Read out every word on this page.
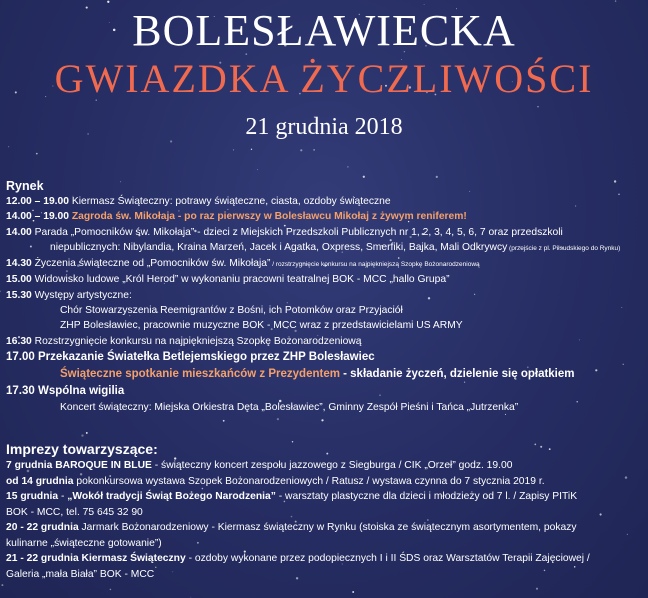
BOLESŁAWIECKA
GWIAZDKA ŻYCZLIWOŚCI
21 grudnia 2018
Rynek
12.00 – 19.00 Kiermasz Świąteczny: potrawy świąteczne, ciasta, ozdoby świąteczne
14.00 – 19.00 Zagroda św. Mikołaja - po raz pierwszy w Bolesławcu Mikołaj z żywym reniferem!
14.00 Parada „Pomocników św. Mikołaja” - dzieci z Miejskich Przedszkoli Publicznych nr 1, 2, 3, 4, 5, 6, 7 oraz przedszkoli
niepublicznych: Nibylandia, Kraina Marzeń, Jacek i Agatka, Oxpress, Smerfiki, Bajka, Mali Odkrywcy (przejście z pl. Piłsudskiego do Rynku)
14.30 Życzenia świąteczne od „Pomocników św. Mikołaja” / rozstrzygnięcie konkursu na najpiękniejszą Szopkę Bożonarodzeniową
15.00 Widowisko ludowe „Król Herod” w wykonaniu pracowni teatralnej BOK - MCC „hallo Grupa”
15.30 Występy artystyczne:
Chór Stowarzyszenia Reemigrantów z Bośni, ich Potomków oraz Przyjaciół
ZHP Bolesławiec, pracownie muzyczne BOK - MCC wraz z przedstawicielami US ARMY
16.30 Rozstrzygnięcie konkursu na najpiękniejszą Szopkę Bożonarodzeniową
17.00 Przekazanie Światełka Betlejemskiego przez ZHP Bolesławiec
Świąteczne spotkanie mieszkańców z Prezydentem - składanie życzeń, dzielenie się opłatkiem
17.30 Wspólna wigilia
Koncert świąteczny: Miejska Orkiestra Dęta „Bolesławiec”, Gminny Zespół Pieśni i Tańca „Jutrzenka”
Imprezy towarzyszące:
7 grudnia BAROQUE IN BLUE - świąteczny koncert zespołu jazzowego z Siegburga / CIK „Orzeł” godz. 19.00
od 14 grudnia pokonkursowa wystawa Szopek Bożonarodzeniowych / Ratusz / wystawa czynna do 7 stycznia 2019 r.
15 grudnia - „Wokół tradycji Świąt Bożego Narodzenia” - warsztaty plastyczne dla dzieci i młodzieży od 7 l. / Zapisy PITiK
BOK - MCC, tel. 75 645 32 90
20 - 22 grudnia Jarmark Bożonarodzeniowy - Kiermasz świąteczny w Rynku (stoiska ze świątecznym asortymentem, pokazy
kulinarne „świąteczne gotowanie”)
21 - 22 grudnia Kiermasz Świąteczny - ozdoby wykonane przez podopiecznych I i II ŚDS oraz Warsztatów Terapii Zajęciowej /
Galeria „mała Biała” BOK - MCC
